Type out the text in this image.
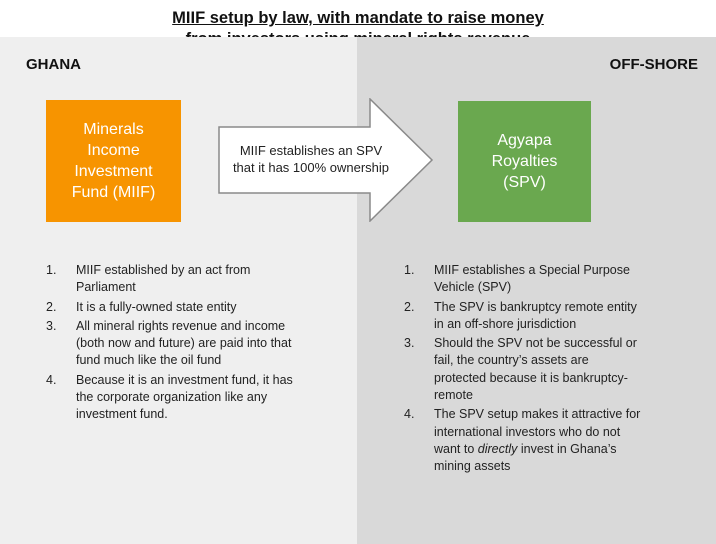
MIIF setup by law, with mandate to raise money
GHANA	OFF-SHORE
Minerals
Income
Investment
Fund (MIIF)
MIIF establishes an SPV
that it has 100% ownership
Agyapa
Royalties
(SPV)
1. MIIF established by an act from Parliament
2. It is a fully-owned state entity
3. All mineral rights revenue and income (both now and future) are paid into that fund much like the oil fund
4. Because it is an investment fund, it has the corporate organization like any investment fund.
1. MIIF establishes a Special Purpose Vehicle (SPV)
2. The SPV is bankruptcy remote entity in an off-shore jurisdiction
3. Should the SPV not be successful or fail, the country’s assets are protected because it is bankruptcy-remote
4. The SPV setup makes it attractive for international investors who do not want to directly invest in Ghana’s mining assets
